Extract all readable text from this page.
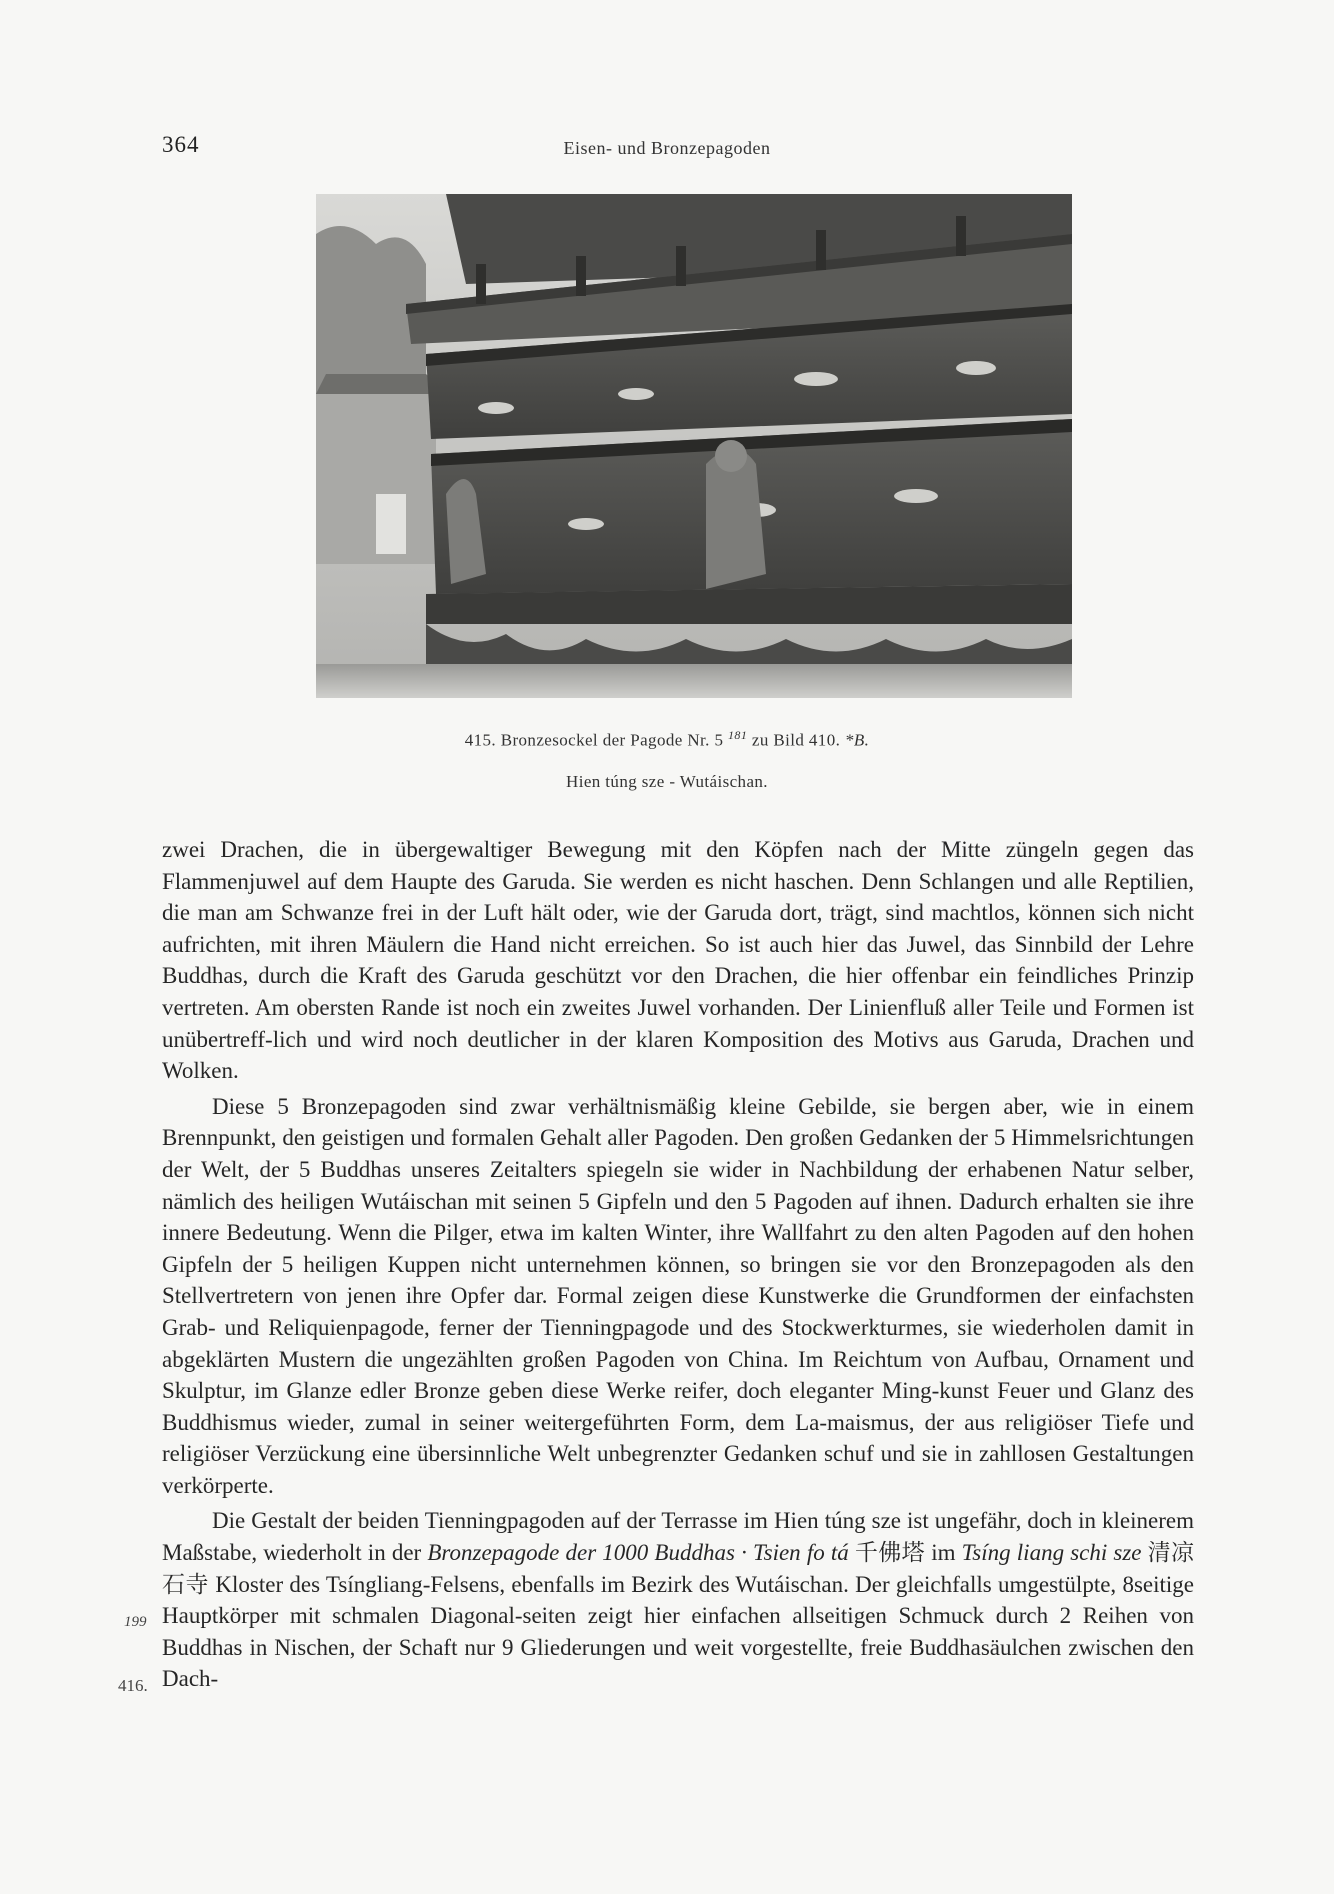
364	Eisen- und Bronzepagoden
415. Bronzesockel der Pagode Nr. 5 $^{181}$ zu Bild 410. *B.
Hien túng sze - Wutáischan.

zwei Drachen, die in übergewaltiger Bewegung mit den Köpfen nach der Mitte züngeln gegen das Flammenjuwel auf dem Haupte des Garuda. Sie werden es nicht haschen. Denn Schlangen und alle Reptilien, die man am Schwanze frei in der Luft hält oder, wie der Garuda dort, trägt, sind machtlos, können sich nicht aufrichten, mit ihren Mäulern die Hand nicht erreichen. So ist auch hier das Juwel, das Sinnbild der Lehre Buddhas, durch die Kraft des Garuda geschützt vor den Drachen, die hier offenbar ein feindliches Prinzip vertreten. Am obersten Rande ist noch ein zweites Juwel vorhanden. Der Linienfluß aller Teile und Formen ist unübertreff-lich und wird noch deutlicher in der klaren Komposition des Motivs aus Garuda, Drachen und Wolken.

Diese 5 Bronzepagoden sind zwar verhältnismäßig kleine Gebilde, sie bergen aber, wie in einem Brennpunkt, den geistigen und formalen Gehalt aller Pagoden. Den großen Gedanken der 5 Himmelsrichtungen der Welt, der 5 Buddhas unseres Zeitalters spiegeln sie wider in Nachbildung der erhabenen Natur selber, nämlich des heiligen Wutáischan mit seinen 5 Gipfeln und den 5 Pagoden auf ihnen. Dadurch erhalten sie ihre innere Bedeutung. Wenn die Pilger, etwa im kalten Winter, ihre Wallfahrt zu den alten Pagoden auf den hohen Gipfeln der 5 heiligen Kuppen nicht unternehmen können, so bringen sie vor den Bronzepagoden als den Stellvertretern von jenen ihre Opfer dar. Formal zeigen diese Kunstwerke die Grundformen der einfachsten Grab- und Reliquienpagode, ferner der Tienningpagode und des Stockwerkturmes, sie wiederholen damit in abgeklärten Mustern die ungezählten großen Pagoden von China. Im Reichtum von Aufbau, Ornament und Skulptur, im Glanze edler Bronze geben diese Werke reifer, doch eleganter Ming-kunst Feuer und Glanz des Buddhismus wieder, zumal in seiner weitergeführten Form, dem La-maismus, der aus religiöser Tiefe und religiöser Verzückung eine übersinnliche Welt unbegrenzter Gedanken schuf und sie in zahllosen Gestaltungen verkörperte.

Die Gestalt der beiden Tienningpagoden auf der Terrasse im Hien túng sze ist ungefähr, doch in kleinerem Maßstabe, wiederholt in der Bronzepagode der 1000 Buddhas · Tsien fo tá 千佛塔 im Tsíng liang schi sze 清凉石寺 Kloster des Tsíngliang-Felsens, ebenfalls im Bezirk des Wutáischan. Der gleichfalls umgestülpte, 8seitige Hauptkörper mit schmalen Diagonal-seiten zeigt hier einfachen allseitigen Schmuck durch 2 Reihen von Buddhas in Nischen, der Schaft nur 9 Gliederungen und weit vorgestellte, freie Buddhasäulchen zwischen den Dach-

199
416.
